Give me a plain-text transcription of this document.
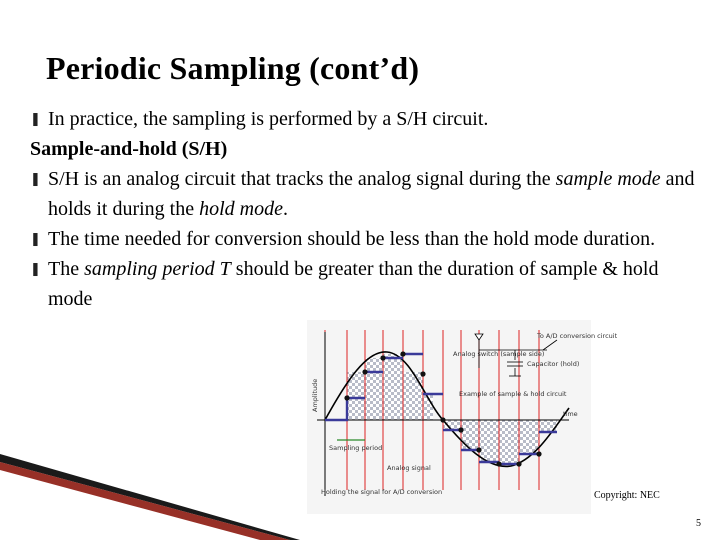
Periodic Sampling (cont’d)
❚ In practice, the sampling is performed by a S/H circuit.
Sample-and-hold (S/H)
❚ S/H is an analog circuit that tracks the analog signal during the sample mode and holds it during the hold mode.
❚ The time needed for conversion should be less than the hold mode duration.
❚ The sampling period T should be greater than the duration of sample & hold mode
To A/D conversion circuit
Analog switch (sample side)
Capacitor (hold)
Example of sample & hold circuit
time
Amplitude
Sampling period
Analog signal
Holding the signal for A/D conversion	Copyright: NEC
5
